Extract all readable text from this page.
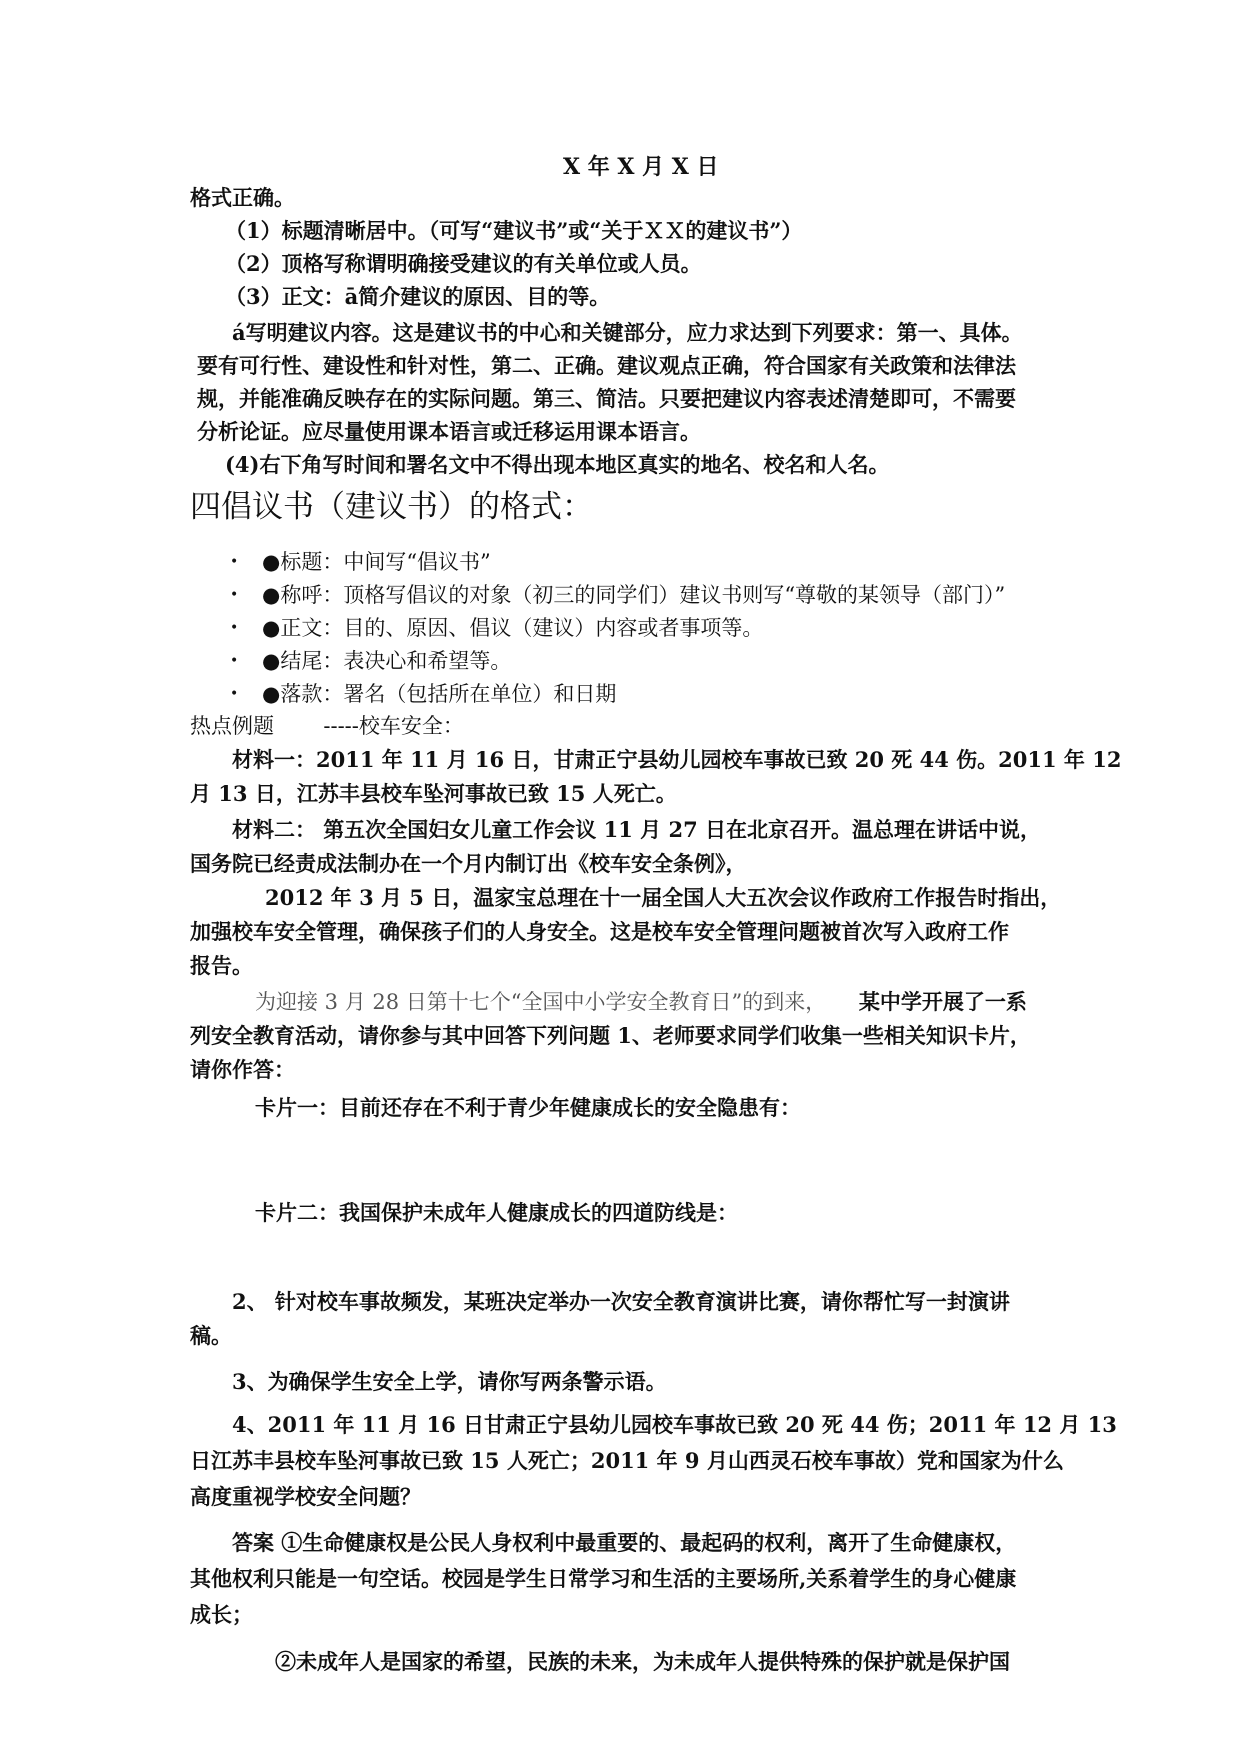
X 年 X 月 X 日
格式正确。
（1）标题清晰居中。（可写“建议书”或“关于ＸＸ的建议书”）
（2）顶格写称谓明确接受建议的有关单位或人员。
（3）正文：ā简介建议的原因、目的等。
á写明建议内容。这是建议书的中心和关键部分，应力求达到下列要求：第一、具体。
要有可行性、建设性和针对性，第二、正确。建议观点正确，符合国家有关政策和法律法
规，并能准确反映存在的实际问题。第三、简洁。只要把建议内容表述清楚即可，不需要
分析论证。应尽量使用课本语言或迁移运用课本语言。
(4)右下角写时间和署名文中不得出现本地区真实的地名、校名和人名。
四倡议书（建议书）的格式：
• ●标题：中间写“倡议书”
• ●称呼：顶格写倡议的对象（初三的同学们）建议书则写“尊敬的某领导（部门）”
• ●正文：目的、原因、倡议（建议）内容或者事项等。
• ●结尾：表决心和希望等。
• ●落款：署名（包括所在单位）和日期
热点例题 -----校车安全：
材料一：2011 年 11 月 16 日，甘肃正宁县幼儿园校车事故已致 20 死 44 伤。2011 年 12
月 13 日，江苏丰县校车坠河事故已致 15 人死亡。
材料二： 第五次全国妇女儿童工作会议 11 月 27 日在北京召开。温总理在讲话中说，
国务院已经责成法制办在一个月内制订出《校车安全条例》，
2012 年 3 月 5 日，温家宝总理在十一届全国人大五次会议作政府工作报告时指出，
加强校车安全管理，确保孩子们的人身安全。这是校车安全管理问题被首次写入政府工作
报告。
为迎接 3 月 28 日第十七个“全国中小学安全教育日”的到来， 某中学开展了一系
列安全教育活动，请你参与其中回答下列问题 1、老师要求同学们收集一些相关知识卡片，
请你作答：
卡片一：目前还存在不利于青少年健康成长的安全隐患有：
卡片二：我国保护未成年人健康成长的四道防线是：
2、 针对校车事故频发，某班决定举办一次安全教育演讲比赛，请你帮忙写一封演讲
稿。
3、为确保学生安全上学，请你写两条警示语。
4、2011 年 11 月 16 日甘肃正宁县幼儿园校车事故已致 20 死 44 伤；2011 年 12 月 13
日江苏丰县校车坠河事故已致 15 人死亡；2011 年 9 月山西灵石校车事故）党和国家为什么
高度重视学校安全问题？
答案 ①生命健康权是公民人身权利中最重要的、最起码的权利，离开了生命健康权，
其他权利只能是一句空话。校园是学生日常学习和生活的主要场所,关系着学生的身心健康
成长；
②未成年人是国家的希望，民族的未来，为未成年人提供特殊的保护就是保护国
